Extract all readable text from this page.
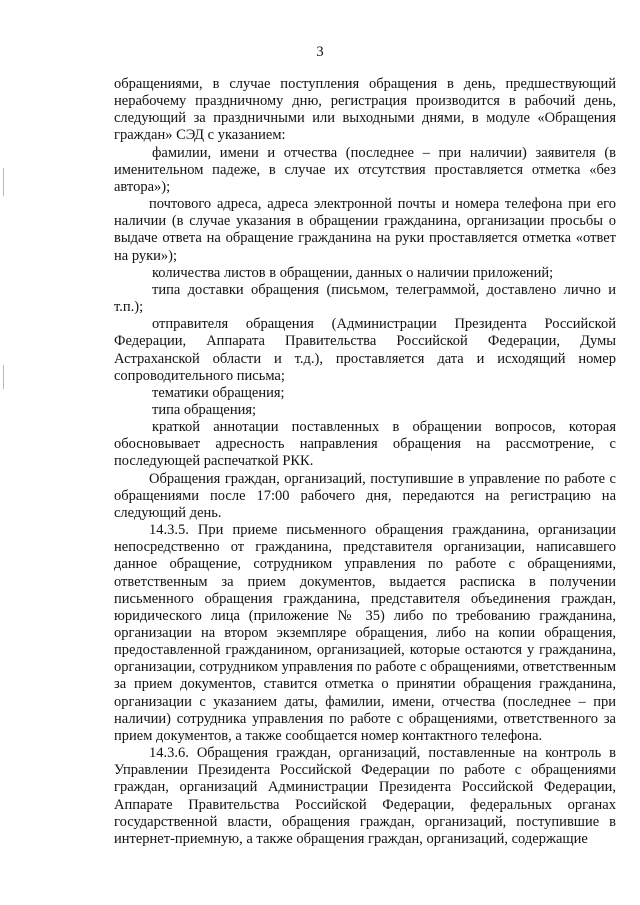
3

обращениями, в случае поступления обращения в день, предшествующий нерабочему праздничному дню, регистрация производится в рабочий день, следующий за праздничными или выходными днями, в модуле «Обращения граждан» СЭД с указанием:

фамилии, имени и отчества (последнее – при наличии) заявителя (в именительном падеже, в случае их отсутствия проставляется отметка «без автора»);

почтового адреса, адреса электронной почты и номера телефона при его наличии (в случае указания в обращении гражданина, организации просьбы о выдаче ответа на обращение гражданина на руки проставляется отметка «ответ на руки»);

количества листов в обращении, данных о наличии приложений;

типа доставки обращения (письмом, телеграммой, доставлено лично и т.п.);

отправителя обращения (Администрации Президента Российской Федерации, Аппарата Правительства Российской Федерации, Думы Астраханской области и т.д.), проставляется дата и исходящий номер сопроводительного письма;

тематики обращения;

типа обращения;

краткой аннотации поставленных в обращении вопросов, которая обосновывает адресность направления обращения на рассмотрение, с последующей распечаткой РКК.

Обращения граждан, организаций, поступившие в управление по работе с обращениями после 17:00 рабочего дня, передаются на регистрацию на следующий день.

14.3.5. При приеме письменного обращения гражданина, организации непосредственно от гражданина, представителя организации, написавшего данное обращение, сотрудником управления по работе с обращениями, ответственным за прием документов, выдается расписка в получении письменного обращения гражданина, представителя объединения граждан, юридического лица (приложение № 35) либо по требованию гражданина, организации на втором экземпляре обращения, либо на копии обращения, предоставленной гражданином, организацией, которые остаются у гражданина, организации, сотрудником управления по работе с обращениями, ответственным за прием документов, ставится отметка о принятии обращения гражданина, организации с указанием даты, фамилии, имени, отчества (последнее – при наличии) сотрудника управления по работе с обращениями, ответственного за прием документов, а также сообщается номер контактного телефона.

14.3.6. Обращения граждан, организаций, поставленные на контроль в Управлении Президента Российской Федерации по работе с обращениями граждан, организаций Администрации Президента Российской Федерации, Аппарате Правительства Российской Федерации, федеральных органах государственной власти, обращения граждан, организаций, поступившие в интернет-приемную, а также обращения граждан, организаций, содержащие
